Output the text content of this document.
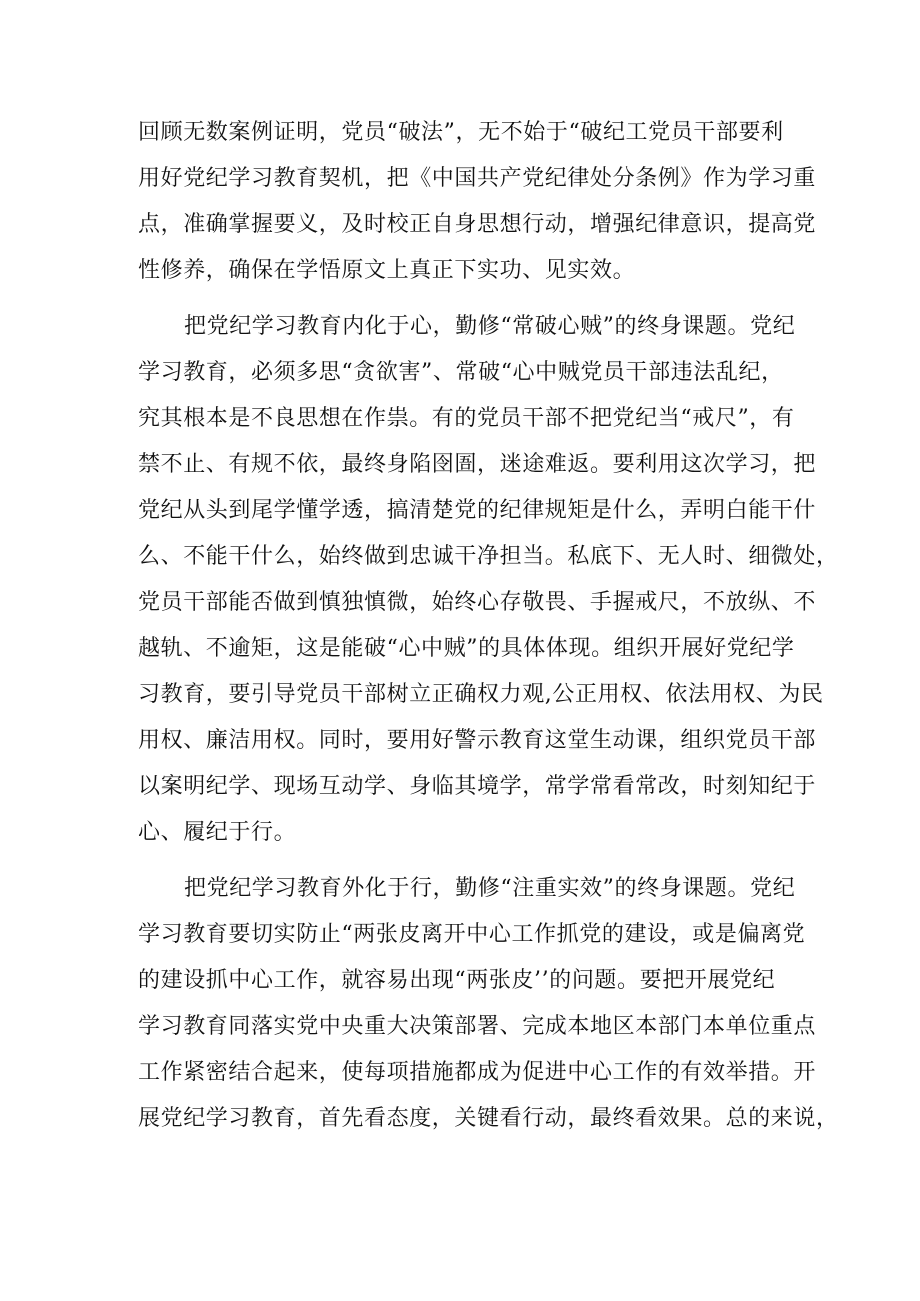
回顾无数案例证明，党员“破法”，无不始于“破纪工党员干部要利
用好党纪学习教育契机，把《中国共产党纪律处分条例》作为学习重
点，准确掌握要义，及时校正自身思想行动，增强纪律意识，提高党
性修养，确保在学悟原文上真正下实功、见实效。
把党纪学习教育内化于心，勤修“常破心贼”的终身课题。党纪
学习教育，必须多思“贪欲害”、常破“心中贼党员干部违法乱纪，
究其根本是不良思想在作祟。有的党员干部不把党纪当“戒尺”，有
禁不止、有规不依，最终身陷囹圄，迷途难返。要利用这次学习，把
党纪从头到尾学懂学透，搞清楚党的纪律规矩是什么，弄明白能干什
么、不能干什么，始终做到忠诚干净担当。私底下、无人时、细微处，
党员干部能否做到慎独慎微，始终心存敬畏、手握戒尺，不放纵、不
越轨、不逾矩，这是能破“心中贼”的具体体现。组织开展好党纪学
习教育，要引导党员干部树立正确权力观,公正用权、依法用权、为民
用权、廉洁用权。同时，要用好警示教育这堂生动课，组织党员干部
以案明纪学、现场互动学、身临其境学，常学常看常改，时刻知纪于
心、履纪于行。
把党纪学习教育外化于行，勤修“注重实效”的终身课题。党纪
学习教育要切实防止“两张皮离开中心工作抓党的建设，或是偏离党
的建设抓中心工作，就容易出现“两张皮’’的问题。要把开展党纪
学习教育同落实党中央重大决策部署、完成本地区本部门本单位重点
工作紧密结合起来，使每项措施都成为促进中心工作的有效举措。开
展党纪学习教育，首先看态度，关键看行动，最终看效果。总的来说，
